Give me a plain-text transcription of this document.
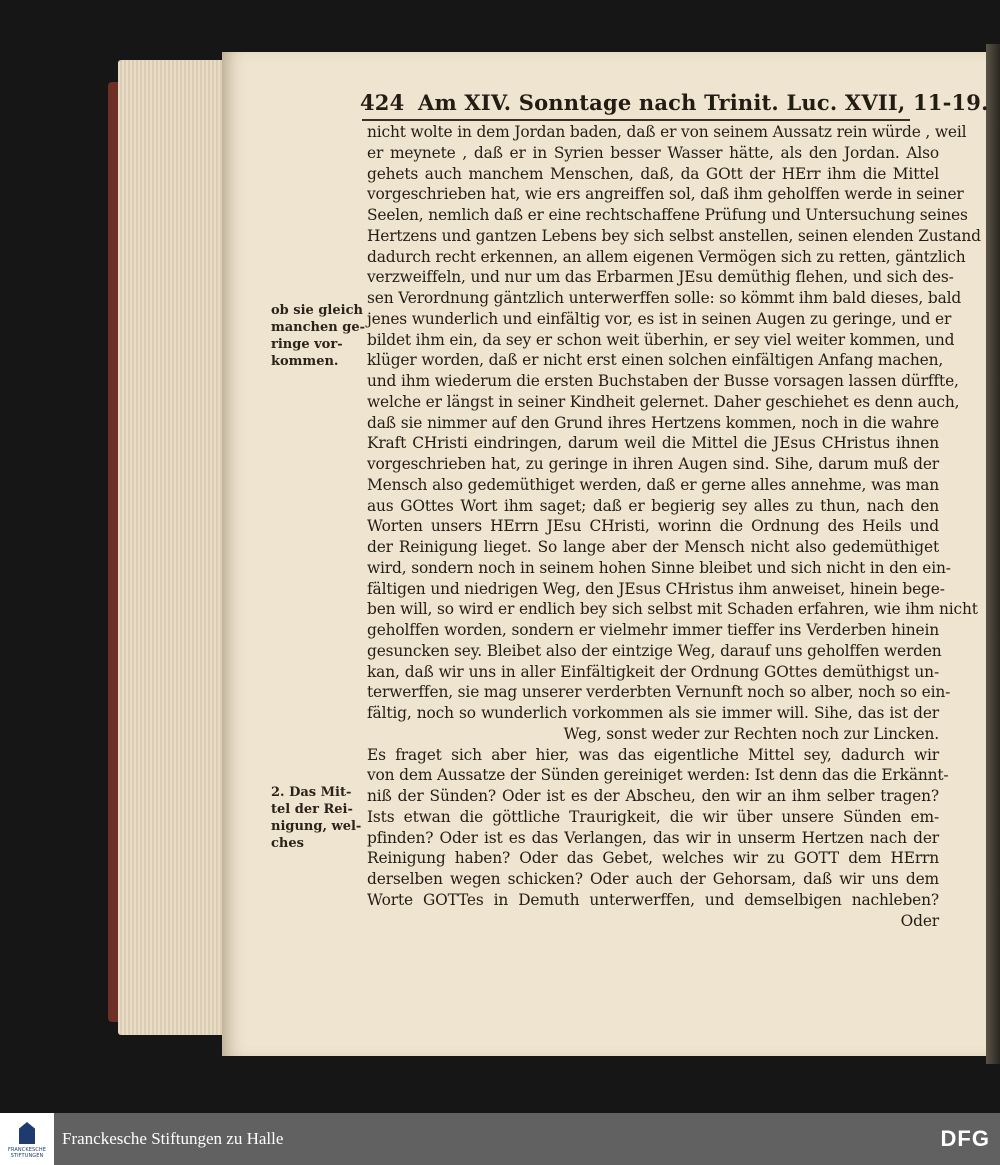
424 Am XIV. Sonntage nach Trinit. Luc. XVII, 11-19.
nicht wolte in dem Jordan baden, daß er von seinem Aussatz rein würde , weil
er meynete , daß er in Syrien besser Wasser hätte, als den Jordan. Also
gehets auch manchem Menschen, daß, da GOtt der HErr ihm die Mittel
vorgeschrieben hat, wie ers angreiffen sol, daß ihm geholffen werde in seiner
Seelen, nemlich daß er eine rechtschaffene Prüfung und Untersuchung seines
Hertzens und gantzen Lebens bey sich selbst anstellen, seinen elenden Zustand
dadurch recht erkennen, an allem eigenen Vermögen sich zu retten, gäntzlich
verzweiffeln, und nur um das Erbarmen JEsu demüthig flehen, und sich des-
sen Verordnung gäntzlich unterwerffen solle: so kömmt ihm bald dieses, bald
jenes wunderlich und einfältig vor, es ist in seinen Augen zu geringe, und er
bildet ihm ein, da sey er schon weit überhin, er sey viel weiter kommen, und
klüger worden, daß er nicht erst einen solchen einfältigen Anfang machen,
und ihm wiederum die ersten Buchstaben der Busse vorsagen lassen dürffte,
welche er längst in seiner Kindheit gelernet. Daher geschiehet es denn auch,
daß sie nimmer auf den Grund ihres Hertzens kommen, noch in die wahre
Kraft CHristi eindringen, darum weil die Mittel die JEsus CHristus ihnen
vorgeschrieben hat, zu geringe in ihren Augen sind. Sihe, darum muß der
Mensch also gedemüthiget werden, daß er gerne alles annehme, was man
aus GOttes Wort ihm saget; daß er begierig sey alles zu thun, nach den
Worten unsers HErrn JEsu CHristi, worinn die Ordnung des Heils und
der Reinigung lieget. So lange aber der Mensch nicht also gedemüthiget
wird, sondern noch in seinem hohen Sinne bleibet und sich nicht in den ein-
fältigen und niedrigen Weg, den JEsus CHristus ihm anweiset, hinein bege-
ben will, so wird er endlich bey sich selbst mit Schaden erfahren, wie ihm nicht
geholffen worden, sondern er vielmehr immer tieffer ins Verderben hinein
gesuncken sey. Bleibet also der eintzige Weg, darauf uns geholffen werden
kan, daß wir uns in aller Einfältigkeit der Ordnung GOttes demüthigst un-
terwerffen, sie mag unserer verderbten Vernunft noch so alber, noch so ein-
fältig, noch so wunderlich vorkommen als sie immer will. Sihe, das ist der
Weg, sonst weder zur Rechten noch zur Lincken.
Es fraget sich aber hier, was das eigentliche Mittel sey, dadurch wir
von dem Aussatze der Sünden gereiniget werden: Ist denn das die Erkännt-
niß der Sünden? Oder ist es der Abscheu, den wir an ihm selber tragen?
Ists etwan die göttliche Traurigkeit, die wir über unsere Sünden em-
pfinden? Oder ist es das Verlangen, das wir in unserm Hertzen nach der
Reinigung haben? Oder das Gebet, welches wir zu GOTT dem HErrn
derselben wegen schicken? Oder auch der Gehorsam, daß wir uns dem
Worte GOTTes in Demuth unterwerffen, und demselbigen nachleben?
Oder
ob sie gleich
manchen ge-
ringe vor-
kommen.
2. Das Mit-
tel der Rei-
nigung, wel-
ches
FRANCKESCHE STIFTUNGEN
Franckesche Stiftungen zu Halle	DFG
